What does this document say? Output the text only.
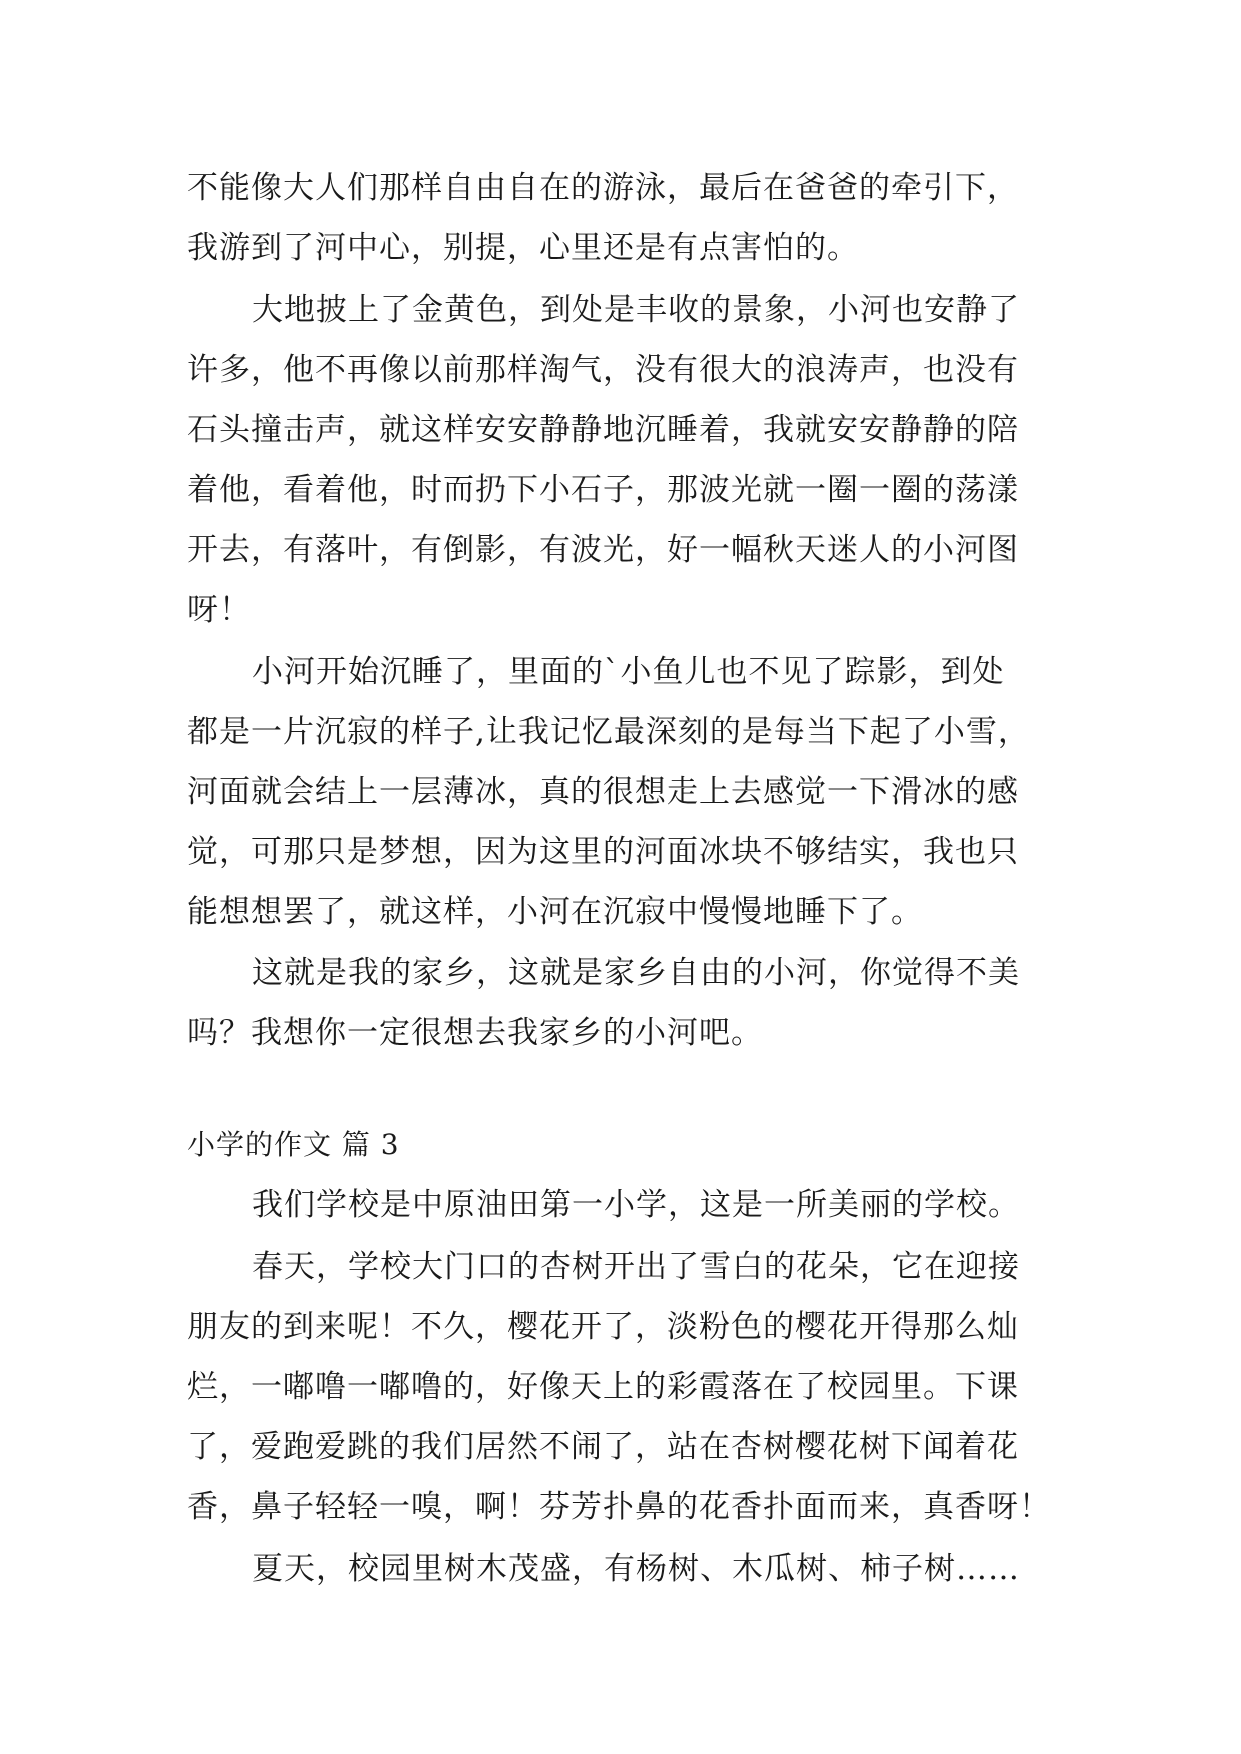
不能像大人们那样自由自在的游泳，最后在爸爸的牵引下，
我游到了河中心，别提，心里还是有点害怕的。
大地披上了金黄色，到处是丰收的景象，小河也安静了
许多，他不再像以前那样淘气，没有很大的浪涛声，也没有
石头撞击声，就这样安安静静地沉睡着，我就安安静静的陪
着他，看着他，时而扔下小石子，那波光就一圈一圈的荡漾
开去，有落叶，有倒影，有波光，好一幅秋天迷人的小河图
呀！
小河开始沉睡了，里面的`小鱼儿也不见了踪影，到处
都是一片沉寂的样子,让我记忆最深刻的是每当下起了小雪，
河面就会结上一层薄冰，真的很想走上去感觉一下滑冰的感
觉，可那只是梦想，因为这里的河面冰块不够结实，我也只
能想想罢了，就这样，小河在沉寂中慢慢地睡下了。
这就是我的家乡，这就是家乡自由的小河，你觉得不美
吗？我想你一定很想去我家乡的小河吧。
小学的作文 篇 3
我们学校是中原油田第一小学，这是一所美丽的学校。
春天，学校大门口的杏树开出了雪白的花朵，它在迎接
朋友的到来呢！不久，樱花开了，淡粉色的樱花开得那么灿
烂，一嘟噜一嘟噜的，好像天上的彩霞落在了校园里。下课
了，爱跑爱跳的我们居然不闹了，站在杏树樱花树下闻着花
香，鼻子轻轻一嗅，啊！芬芳扑鼻的花香扑面而来，真香呀！
夏天，校园里树木茂盛，有杨树、木瓜树、柿子树……
